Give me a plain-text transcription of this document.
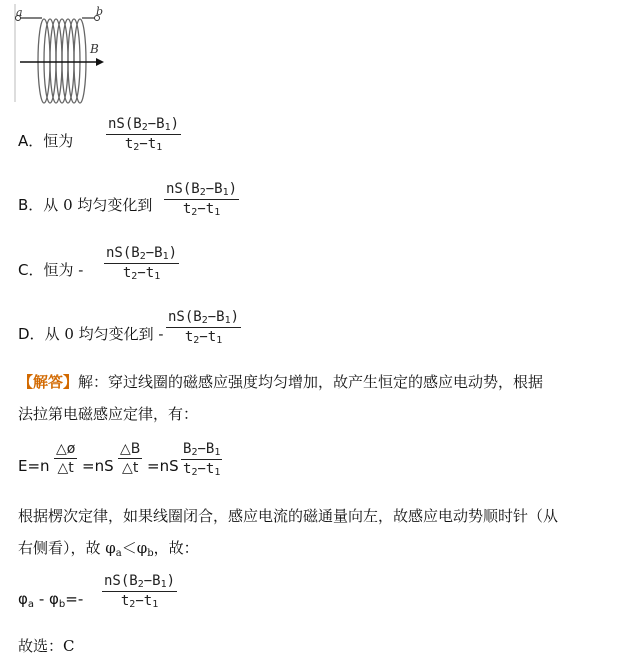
a	b
B
A．恒为 $\frac{nS(B_2-B_1)}{t_2-t_1}$
B．从 0 均匀变化到 $\frac{nS(B_2-B_1)}{t_2-t_1}$
C．恒为 - $\frac{nS(B_2-B_1)}{t_2-t_1}$
D．从 0 均匀变化到 - $\frac{nS(B_2-B_1)}{t_2-t_1}$
【解答】解：穿过线圈的磁感应强度均匀增加，故产生恒定的感应电动势，根据
法拉第电磁感应定律，有：
$E=n \frac{\triangle ø}{\triangle t} =nS \frac{\triangle B}{\triangle t} =nS \frac{B_2-B_1}{t_2-t_1}$
根据楞次定律，如果线圈闭合，感应电流的磁通量向左，故感应电动势顺时针（从
右侧看），故 $\varphi_a<\varphi_b$，故：
$\varphi_a - \varphi_b=- \frac{nS(B_2-B_1)}{t_2-t_1}$
故选：C
